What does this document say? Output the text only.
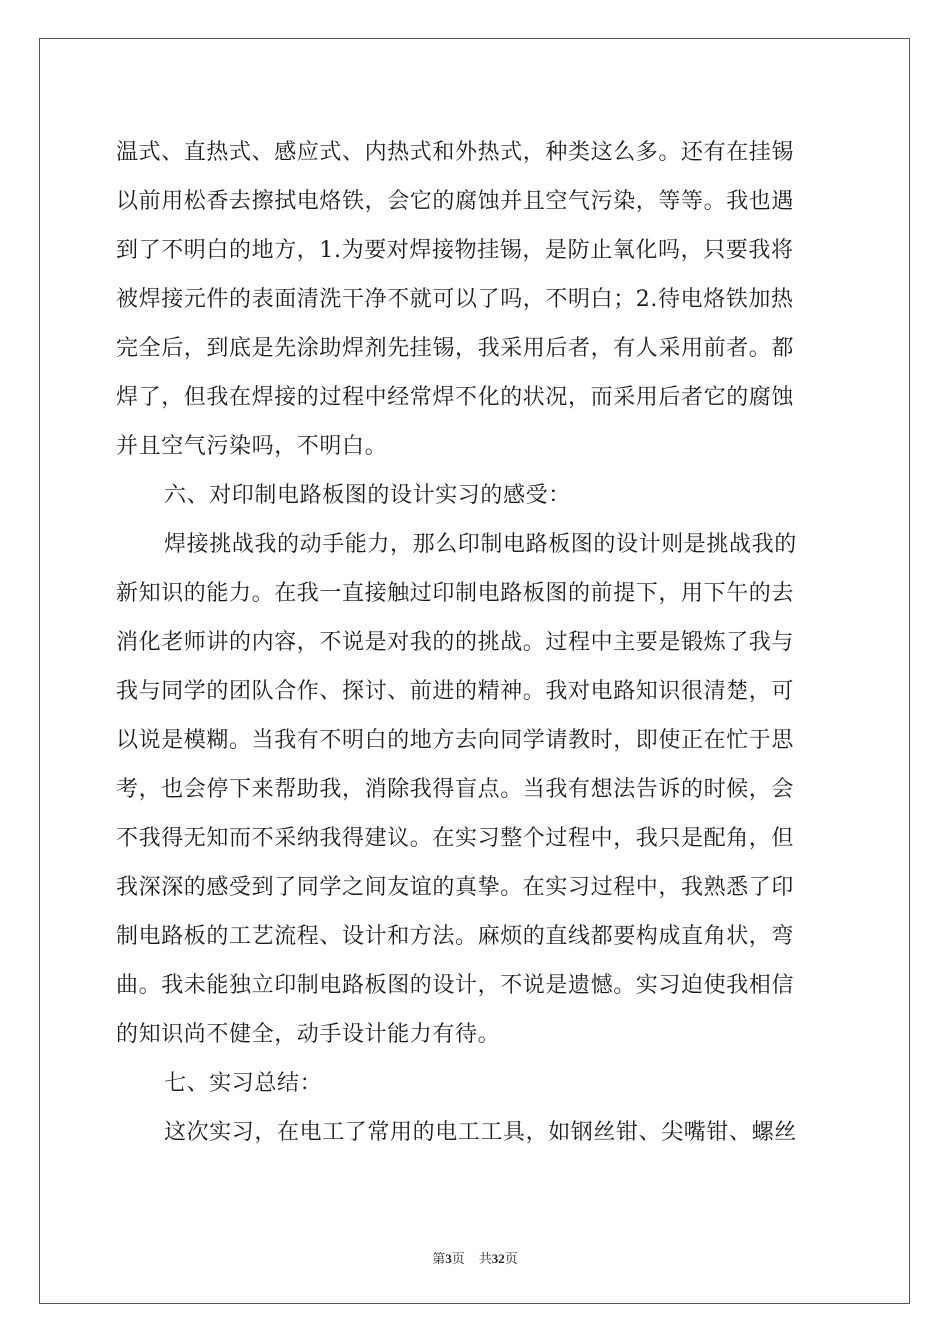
温式、直热式、感应式、内热式和外热式，种类这么多。还有在挂锡
以前用松香去擦拭电烙铁，会它的腐蚀并且空气污染，等等。我也遇
到了不明白的地方，1.为要对焊接物挂锡，是防止氧化吗，只要我将
被焊接元件的表面清洗干净不就可以了吗，不明白；2.待电烙铁加热
完全后，到底是先涂助焊剂先挂锡，我采用后者，有人采用前者。都
焊了，但我在焊接的过程中经常焊不化的状况，而采用后者它的腐蚀
并且空气污染吗，不明白。
六、对印制电路板图的设计实习的感受：
焊接挑战我的动手能力，那么印制电路板图的设计则是挑战我的
新知识的能力。在我一直接触过印制电路板图的前提下，用下午的去
消化老师讲的内容，不说是对我的的挑战。过程中主要是锻炼了我与
我与同学的团队合作、探讨、前进的精神。我对电路知识很清楚，可
以说是模糊。当我有不明白的地方去向同学请教时，即使正在忙于思
考，也会停下来帮助我，消除我得盲点。当我有想法告诉的时候，会
不我得无知而不采纳我得建议。在实习整个过程中，我只是配角，但
我深深的感受到了同学之间友谊的真挚。在实习过程中，我熟悉了印
制电路板的工艺流程、设计和方法。麻烦的直线都要构成直角状，弯
曲。我未能独立印制电路板图的设计，不说是遗憾。实习迫使我相信
的知识尚不健全，动手设计能力有待。
七、实习总结：
这次实习，在电工了常用的电工工具，如钢丝钳、尖嘴钳、螺丝
第3页 共32页
